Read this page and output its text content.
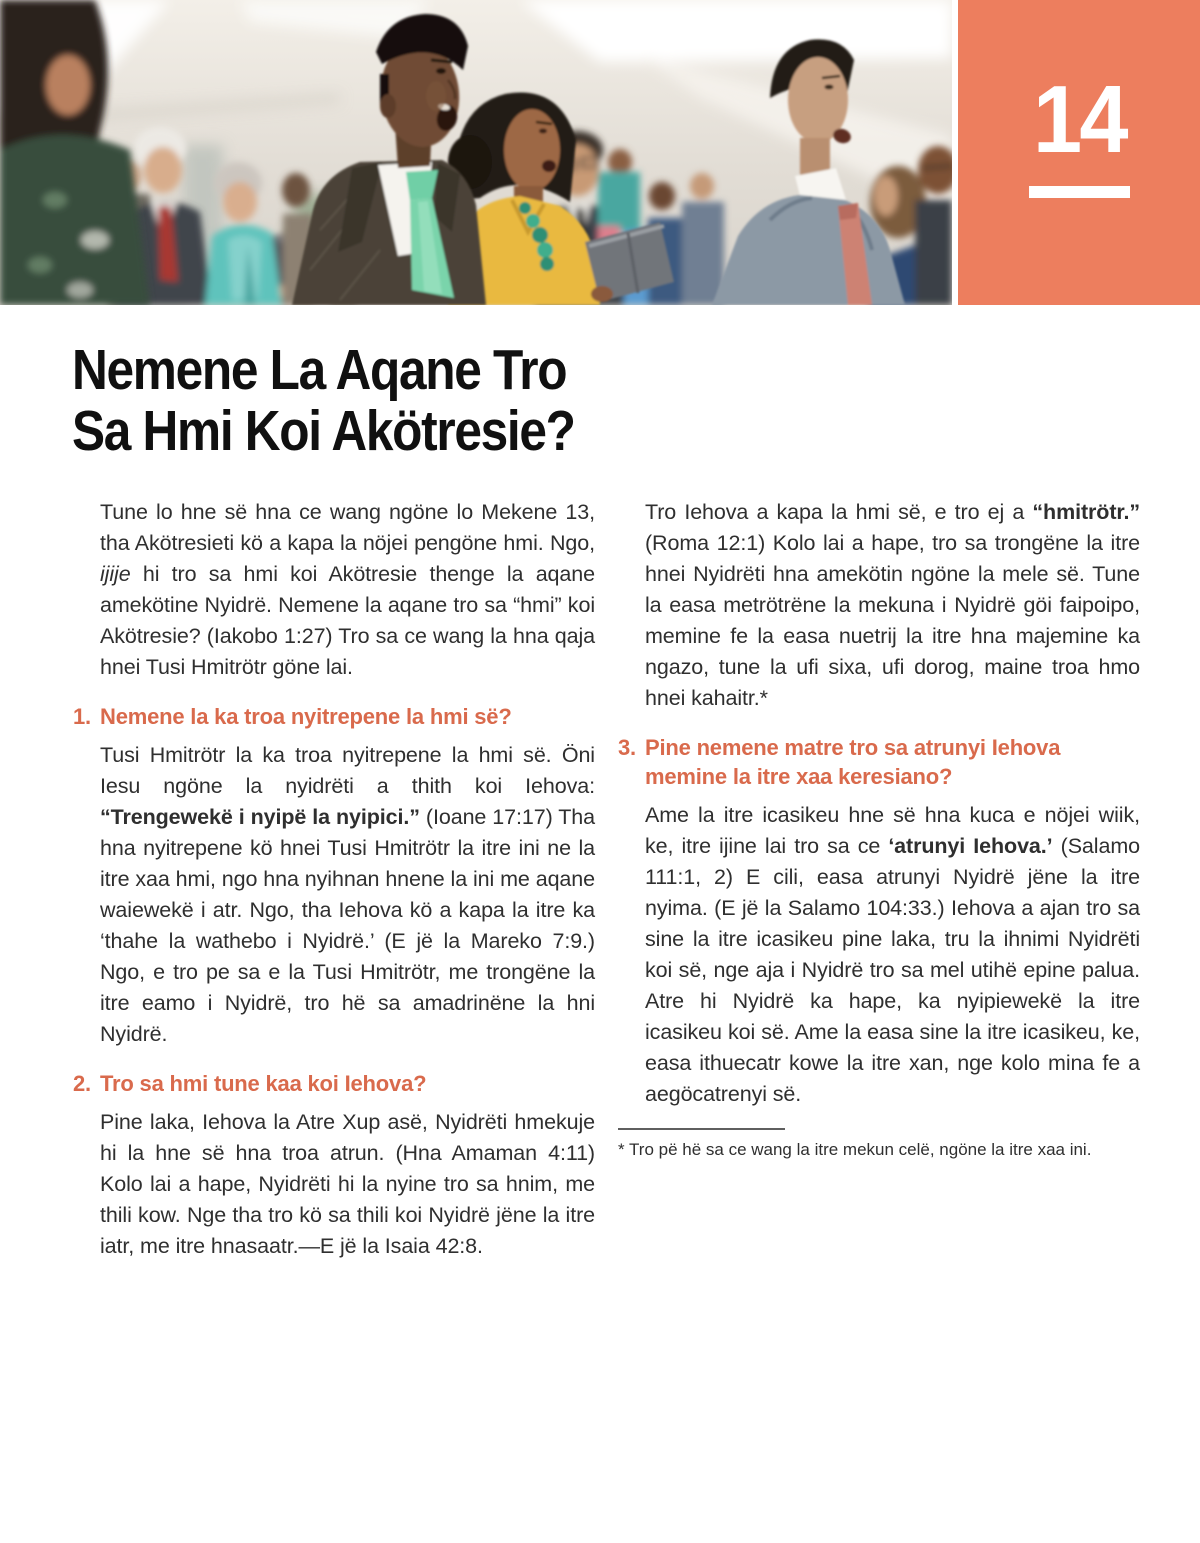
14
Nemene La Aqane Tro
Sa Hmi Koi Akötresie?

Tune lo hne së hna ce wang ngöne lo Mekene 13, tha Akötresieti kö a kapa la nöjei pengöne hmi. Ngo, ijije hi tro sa hmi koi Akötresie thenge la aqane amekötine Nyidrë. Nemene la aqane tro sa “hmi” koi Akötresie? (Iakobo 1:27) Tro sa ce wang la hna qaja hnei Tusi Hmitrötr göne lai.

1. Nemene la ka troa nyitrepene la hmi së?

Tusi Hmitrötr la ka troa nyitrepene la hmi së. Öni Iesu ngöne la nyidrëti a thith koi Iehova: “Trengewekë i nyipë la nyipici.” (Ioane 17:17) Tha hna nyitrepene kö hnei Tusi Hmitrötr la itre ini ne la itre xaa hmi, ngo hna nyihnan hnene la ini me aqane waiewekë i atr. Ngo, tha Iehova kö a kapa la itre ka ‘thahe la wathebo i Nyidrë.’ (E jë la Mareko 7:9.) Ngo, e tro pe sa e la Tusi Hmitrötr, me trongëne la itre eamo i Nyidrë, tro hë sa amadrinëne la hni Nyidrë.

2. Tro sa hmi tune kaa koi Iehova?

Pine laka, Iehova la Atre Xup asë, Nyidrëti hmekuje hi la hne së hna troa atrun. (Hna Amaman 4:11) Kolo lai a hape, Nyidrëti hi la nyine tro sa hnim, me thili kow. Nge tha tro kö sa thili koi Nyidrë jëne la itre iatr, me itre hnasaatr.—E jë la Isaia 42:8.

Tro Iehova a kapa la hmi së, e tro ej a “hmitrötr.” (Roma 12:1) Kolo lai a hape, tro sa trongëne la itre hnei Nyidrëti hna amekötin ngöne la mele së. Tune la easa metrötrëne la mekuna i Nyidrë göi faipoipo, memine fe la easa nuetrij la itre hna majemine ka ngazo, tune la ufi sixa, ufi dorog, maine troa hmo hnei kahaitr.*

3. Pine nemene matre tro sa atrunyi Iehova memine la itre xaa keresiano?

Ame la itre icasikeu hne së hna kuca e nöjei wiik, ke, itre ijine lai tro sa ce ‘atrunyi Iehova.’ (Salamo 111:1, 2) E cili, easa atrunyi Nyidrë jëne la itre nyima. (E jë la Salamo 104:33.) Iehova a ajan tro sa sine la itre icasikeu pine laka, tru la ihnimi Nyidrëti koi së, nge aja i Nyidrë tro sa mel utihë epine palua. Atre hi Nyidrë ka hape, ka nyipiewekë la itre icasikeu koi së. Ame la easa sine la itre icasikeu, ke, easa ithuecatr kowe la itre xan, nge kolo mina fe a aegöcatrenyi së.

* Tro pë hë sa ce wang la itre mekun celë, ngöne la itre xaa ini.
